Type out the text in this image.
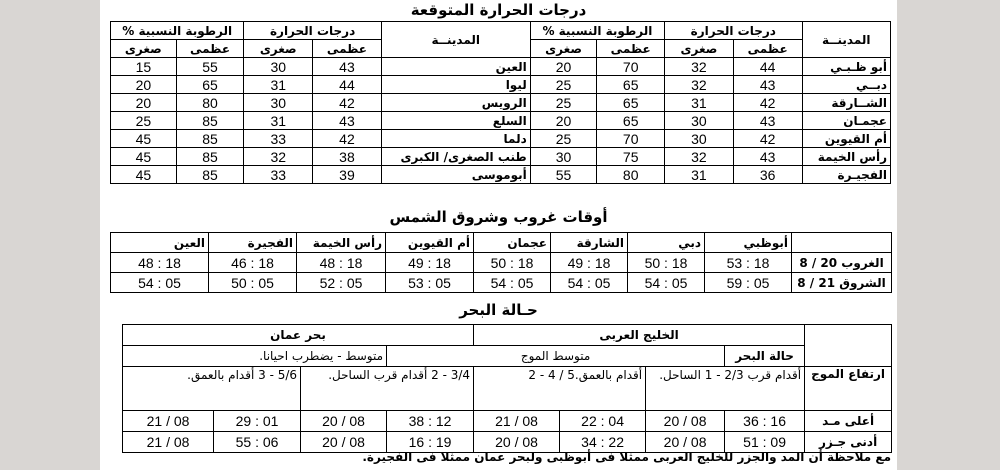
درجات الحرارة المتوقعة
المدينــة	درجات الحرارة		الرطوبة النسبية %		المدينــة	درجات الحرارة		الرطوبة النسبية %	
	عظمى	صغرى	عظمى	صغرى		عظمى	صغرى	عظمى	صغرى
أبو ظـبـي	44	32	70	20	العين	43	30	55	15
دبــي	43	32	65	25	ليوا	44	31	65	20
الشــارقة	42	31	65	25	الرويس	42	30	80	20
عجمـان	43	30	65	20	السلع	43	31	85	25
أم القيوين	42	30	70	25	دلما	42	33	85	45
رأس الخيمة	43	32	75	30	طنب الصغرى/ الكبرى	38	32	85	45
الفجيـرة	36	31	80	55	أبوموسى	39	33	85	45
أوقات غروب وشروق الشمس
	أبوظبي	دبي	الشارقة	عجمان	أم القيوين	رأس الخيمة	الفجيرة	العين
الغروب 20 / 8	18 : 53	18 : 50	18 : 49	18 : 50	18 : 49	18 : 48	18 : 46	18 : 48
الشروق 21 / 8	05 : 59	05 : 54	05 : 54	05 : 54	05 : 53	05 : 52	05 : 50	05 : 54
حـالة البحر
	الخليج العربى				بحر عمان			
	حالة البحر	متوسط الموج				متوسط - يضطرب احيانا.		
ارتفاع الموج	أقدام قرب 2/3 - 1 الساحل.		أقدام بالعمق.5 / 4 - 2		3/4 - 2 أقدام قرب الساحل.		5/6 - 3 أقدام بالعمق.	
أعلى مـد	16 : 36	08 / 20	04 : 22	08 / 21	12 : 38	08 / 20	01 : 29	08 / 21
أدنى جـزر	09 : 51	08 / 20	22 : 34	08 / 20	19 : 16	08 / 20	06 : 55	08 / 21
مع ملاحظة أن المد والجزر للخليج العربى ممثلا فى أبوظبى ولبحر عمان ممثلا فى الفجيرة.
